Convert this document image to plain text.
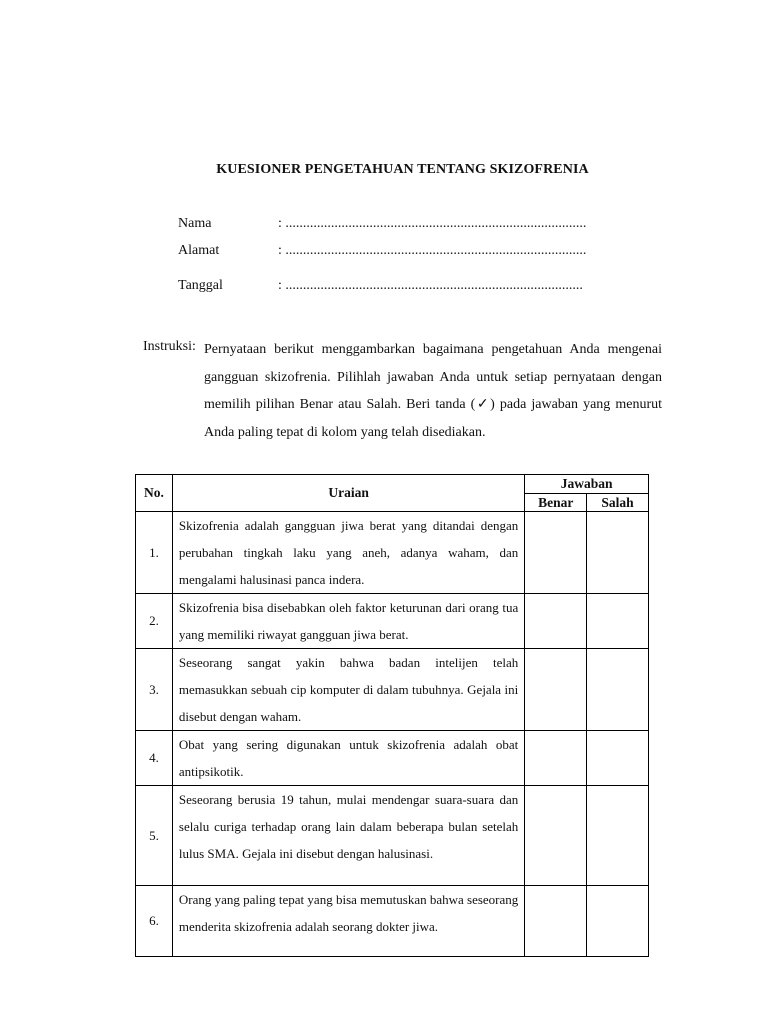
KUESIONER PENGETAHUAN TENTANG SKIZOFRENIA
Nama	: ......................................................................................
Alamat	: ......................................................................................
Tanggal	: .....................................................................................
Instruksi: Pernyataan berikut menggambarkan bagaimana pengetahuan Anda mengenai gangguan skizofrenia. Pilihlah jawaban Anda untuk setiap pernyataan dengan memilih pilihan Benar atau Salah. Beri tanda (✓) pada jawaban yang menurut Anda paling tepat di kolom yang telah disediakan.
No.	Uraian	Jawaban	
		Benar	Salah
1.	Skizofrenia adalah gangguan jiwa berat yang ditandai dengan perubahan tingkah laku yang aneh, adanya waham, dan mengalami halusinasi panca indera.		
2.	Skizofrenia bisa disebabkan oleh faktor keturunan dari orang tua yang memiliki riwayat gangguan jiwa berat.		
3.	Seseorang sangat yakin bahwa badan intelijen telah memasukkan sebuah cip komputer di dalam tubuhnya. Gejala ini disebut dengan waham.		
4.	Obat yang sering digunakan untuk skizofrenia adalah obat antipsikotik.		
5.	Seseorang berusia 19 tahun, mulai mendengar suara-suara dan selalu curiga terhadap orang lain dalam beberapa bulan setelah lulus SMA. Gejala ini disebut dengan halusinasi.		
6.	Orang yang paling tepat yang bisa memutuskan bahwa seseorang menderita skizofrenia adalah seorang dokter jiwa.		
